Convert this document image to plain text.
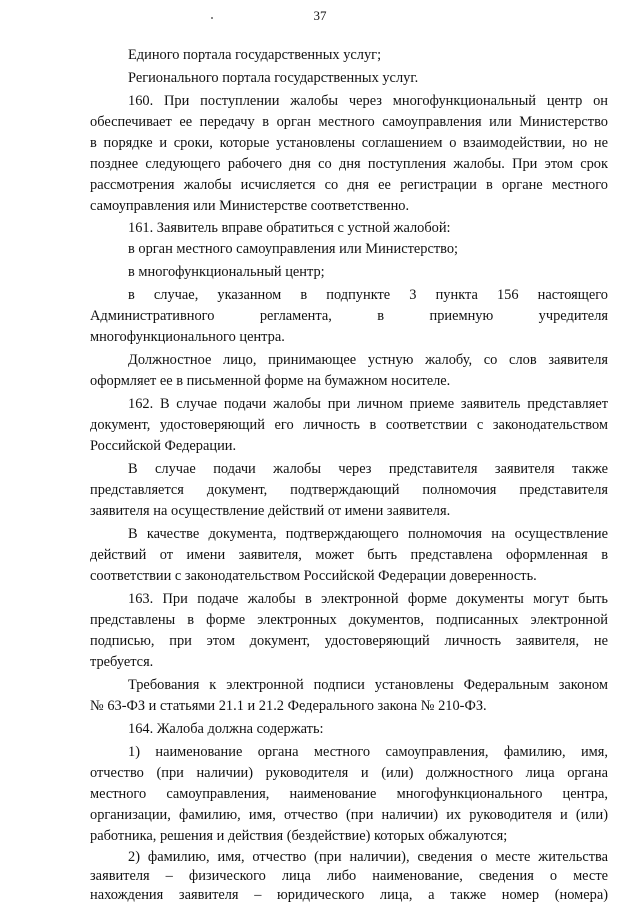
37
Единого портала государственных услуг;
Регионального портала государственных услуг.
160. При поступлении жалобы через многофункциональный центр он
обеспечивает ее передачу в орган местного самоуправления или Министерство
в порядке и сроки, которые установлены соглашением о взаимодействии, но не
позднее следующего рабочего дня со дня поступления жалобы. При этом срок
рассмотрения жалобы исчисляется со дня ее регистрации в органе местного
самоуправления или Министерстве соответственно.
161. Заявитель вправе обратиться с устной жалобой:
в орган местного самоуправления или Министерство;
в многофункциональный центр;
в случае, указанном в подпункте 3 пункта 156 настоящего
Административного регламента, в приемную учредителя
многофункционального центра.
Должностное лицо, принимающее устную жалобу, со слов заявителя
оформляет ее в письменной форме на бумажном носителе.
162. В случае подачи жалобы при личном приеме заявитель представляет
документ, удостоверяющий его личность в соответствии с законодательством
Российской Федерации.
В случае подачи жалобы через представителя заявителя также
представляется документ, подтверждающий полномочия представителя
заявителя на осуществление действий от имени заявителя.
В качестве документа, подтверждающего полномочия на осуществление
действий от имени заявителя, может быть представлена оформленная в
соответствии с законодательством Российской Федерации доверенность.
163. При подаче жалобы в электронной форме документы могут быть
представлены в форме электронных документов, подписанных электронной
подписью, при этом документ, удостоверяющий личность заявителя, не
требуется.
Требования к электронной подписи установлены Федеральным законом
№ 63-ФЗ и статьями 21.1 и 21.2 Федерального закона № 210-ФЗ.
164. Жалоба должна содержать:
1) наименование органа местного самоуправления, фамилию, имя,
отчество (при наличии) руководителя и (или) должностного лица органа
местного самоуправления, наименование многофункционального центра,
организации, фамилию, имя, отчество (при наличии) их руководителя и (или)
работника, решения и действия (бездействие) которых обжалуются;
2) фамилию, имя, отчество (при наличии), сведения о месте жительства
заявителя – физического лица либо наименование, сведения о месте
нахождения заявителя – юридического лица, а также номер (номера)
